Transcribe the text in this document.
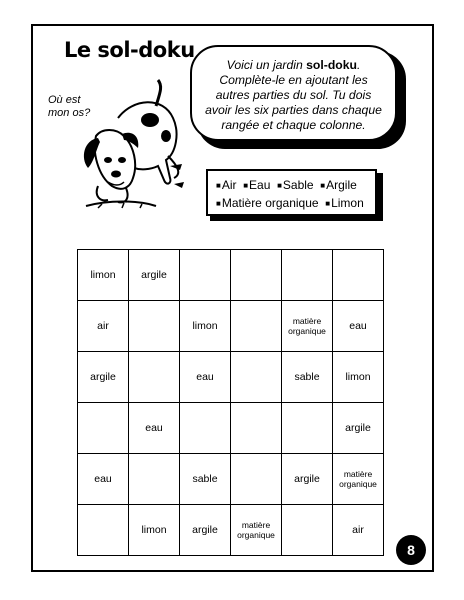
Le sol-doku
Où est
mon os?
Voici un jardin sol-doku.
Complète-le en ajoutant les
autres parties du sol. Tu dois
avoir les six parties dans chaque
rangée et chaque colonne.
■Air ■Eau ■Sable ■Argile
■Matière organique ■Limon
limon	argile				
air		limon		matière organique	eau
argile		eau		sable	limon
	eau				argile
eau		sable		argile	matière organique
	limon	argile	matière organique		air
8
